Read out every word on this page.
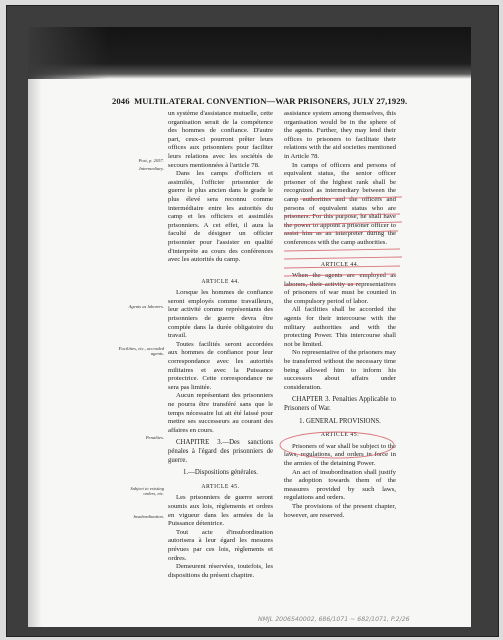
2046 MULTILATERAL CONVENTION—WAR PRISONERS, JULY 27,1929.
Post, p. 2057.
Intermediary.
Agents as laborers.
Facilities, etc., accorded agents.
Penalties.
Subject to existing orders, etc.
Insubordination.

un système d'assistance mutuelle, cette organisation serait de la compétence des hommes de confiance. D'autre part, ceux-ci pourront prêter leurs offices aux prisonniers pour faciliter leurs relations avec les sociétés de secours mentionnées à l'article 78.

Dans les camps d'officiers et assimilés, l'officier prisonnier de guerre le plus ancien dans le grade le plus élevé sera reconnu comme intermédiaire entre les autorités du camp et les officiers et assimilés prisonniers. A cet effet, il aura la faculté de désigner un officier prisonnier pour l'assister en qualité d'interprète au cours des conférences avec les autorités du camp.

ARTICLE 44.

Lorsque les hommes de confiance seront employés comme travailleurs, leur activité comme représentants des prisonniers de guerre devra être comptée dans la durée obligatoire du travail.

Toutes facilités seront accordées aux hommes de confiance pour leur correspondance avec les autorités militaires et avec la Puissance protectrice. Cette correspondance ne sera pas limitée.

Aucun représentant des prisonniers ne pourra être transféré sans que le temps nécessaire lui ait été laissé pour mettre ses successeurs au courant des affaires en cours.

CHAPITRE 3.—Des sanctions pénales à l'égard des prisonniers de guerre.

1.—Dispositions générales.
ARTICLE 45.

Les prisonniers de guerre seront soumis aux lois, règlements et ordres en vigueur dans les armées de la Puissance détentrice.

Tout acte d'insubordination autorisera à leur égard les mesures prévues par ces lois, règlements et ordres.

Demeurent réservées, toutefois, les dispositions du présent chapitre.

assistance system among themselves, this organisation would be in the sphere of the agents. Further, they may lend their offices to prisoners to facilitate their relations with the aid societies mentioned in Article 78.

In camps of officers and persons of equivalent status, the senior officer prisoner of the highest rank shall be recognized as intermediary between the camp authorities and the officers and persons of equivalent status who are prisoners. For this purpose, he shall have the power to appoint a prisoner officer to assist him as an interpreter during the conferences with the camp authorities.

ARTICLE 44.

When the agents are employed as laborers, their activity as representatives of prisoners of war must be counted in the compulsory period of labor.

All facilities shall be accorded the agents for their intercourse with the military authorities and with the protecting Power. This intercourse shall not be limited.

No representative of the prisoners may be transferred without the necessary time being allowed him to inform his successors about affairs under consideration.

CHAPTER 3. Penalties Applicable to Prisoners of War.

1. GENERAL PROVISIONS.
ARTICLE 45.

Prisoners of war shall be subject to the laws, regulations, and orders in force in the armies of the detaining Power.

An act of insubordination shall justify the adoption towards them of the measures provided by such laws, regulations and orders.

The provisions of the present chapter, however, are reserved.

NMJL 2006S40002, 686/1071 ~ 682/1071, P.2/26
